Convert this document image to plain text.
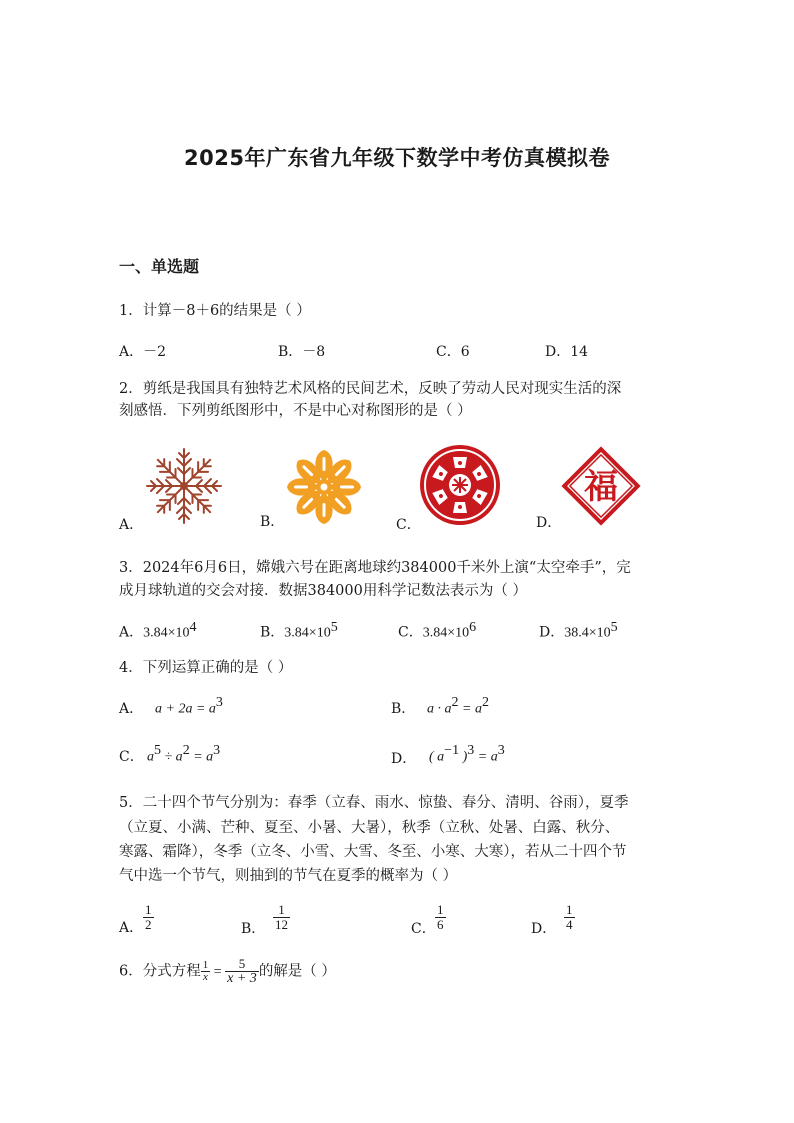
2025年广东省九年级下数学中考仿真模拟卷
一、单选题
1．计算－8＋6的结果是（ ）
A．－2	B．－8	C．6	D．14
2．剪纸是我国具有独特艺术风格的民间艺术，反映了劳动人民对现实生活的深
刻感悟．下列剪纸图形中，不是中心对称图形的是（ ）
A．	B．	C．	D．
福
3．2024年6月6日，嫦娥六号在距离地球约384000千米外上演“太空牵手”，完
成月球轨道的交会对接．数据384000用科学记数法表示为（ ）
A．$3.84\times 10^4$	B．$3.84\times 10^5$	C．$3.84\times 10^6$	D．$38.4\times 10^5$
4．下列运算正确的是（ ）
A． $a + 2a = a^3$	B． $a \cdot a^2 = a^2$
C． $a^5 \div a^2 = a^3$
D． ( $a^{-1}$ )$^3 = a^3$
5．二十四个节气分别为：春季（立春、雨水、惊蛰、春分、清明、谷雨），夏季
（立夏、小满、芒种、夏至、小暑、大暑），秋季（立秋、处暑、白露、秋分、
寒露、霜降），冬季（立冬、小雪、大雪、冬至、小寒、大寒），若从二十四个节
气中选一个节气，则抽到的节气在夏季的概率为（ ）
A． $\frac{1}{2}$	B． $\frac{1}{12}$	C． $\frac{1}{6}$	D． $\frac{1}{4}$
6．分式方程 $\frac{1}{x} = \frac{5}{x + 3}$ 的解是（ ）
